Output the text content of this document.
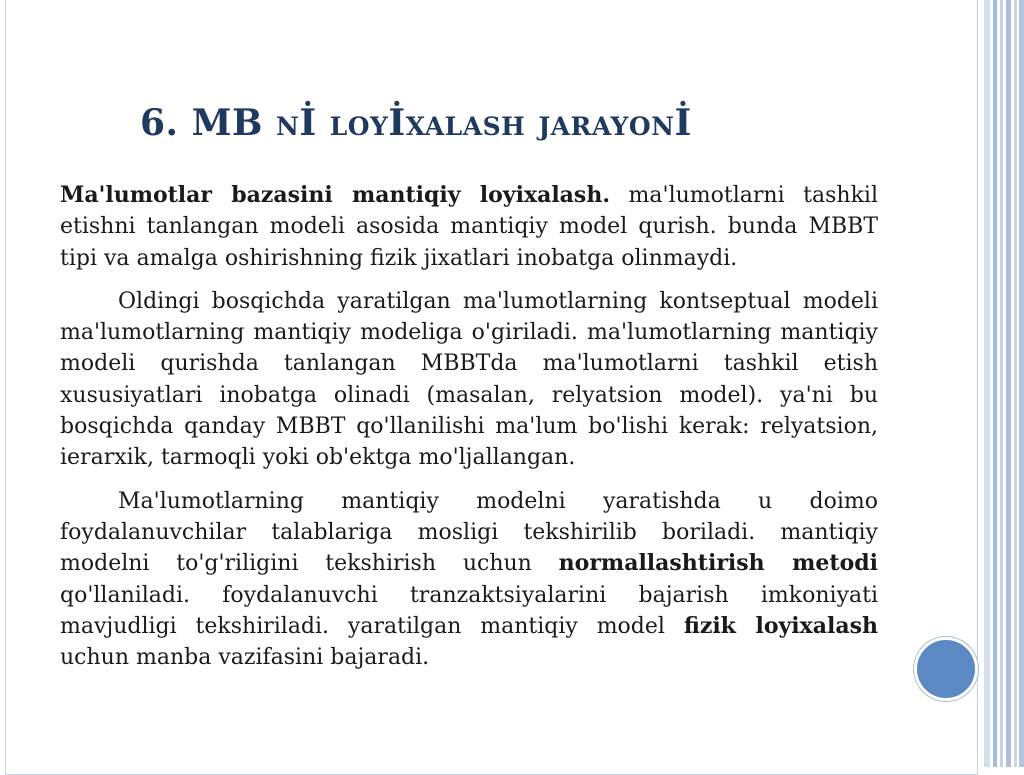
6. MB nİ loyİxalash jarayonİ

Ma'lumotlar bazasini mantiqiy loyixalash. ma'lumotlarni tashkil etishni tanlangan modeli asosida mantiqiy model qurish. bunda MBBT tipi va amalga oshirishning fizik jixatlari inobatga olinmaydi.

Oldingi bosqichda yaratilgan ma'lumotlarning kontseptual modeli ma'lumotlarning mantiqiy modeliga o'giriladi. ma'lumotlarning mantiqiy modeli qurishda tanlangan MBBTda ma'lumotlarni tashkil etish xususiyatlari inobatga olinadi (masalan, relyatsion model). ya'ni bu bosqichda qanday MBBT qo'llanilishi ma'lum bo'lishi kerak: relyatsion, ierarxik, tarmoqli yoki ob'ektga mo'ljallangan.

Ma'lumotlarning mantiqiy modelni yaratishda u doimo foydalanuvchilar talablariga mosligi tekshirilib boriladi. mantiqiy modelni to'g'riligini tekshirish uchun normallashtirish metodi qo'llaniladi. foydalanuvchi tranzaktsiyalarini bajarish imkoniyati mavjudligi tekshiriladi. yaratilgan mantiqiy model fizik loyixalash uchun manba vazifasini bajaradi.
